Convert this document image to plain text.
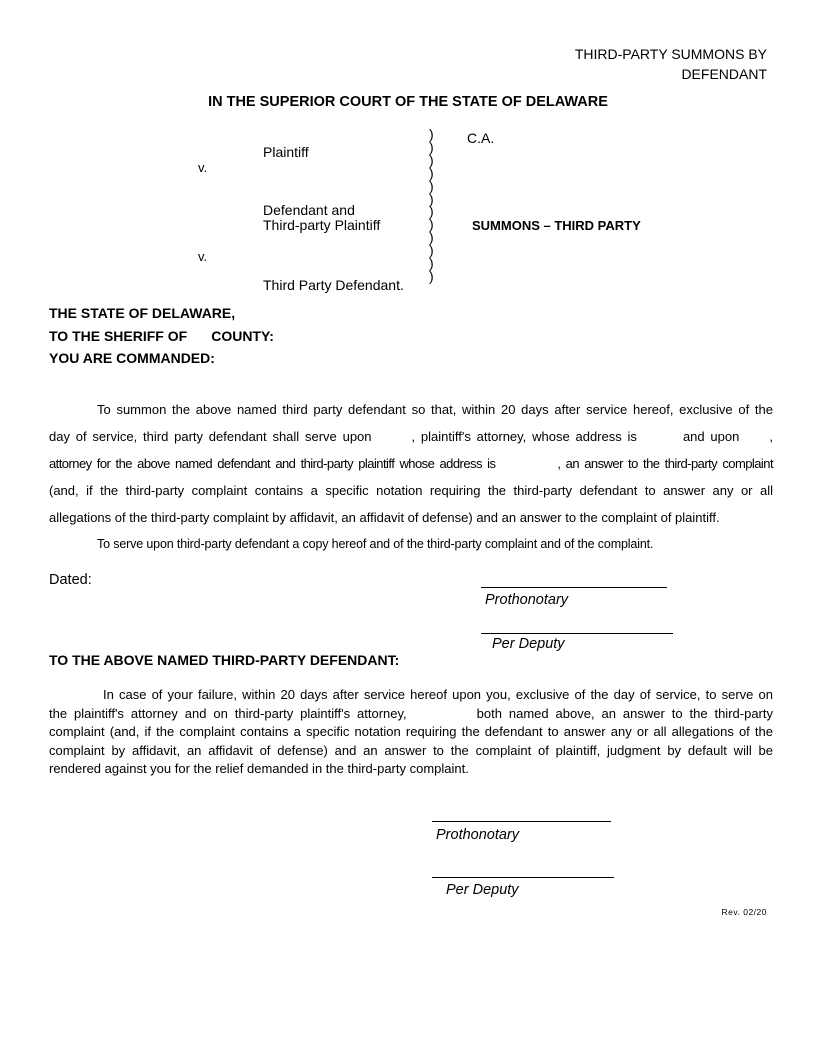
THIRD-PARTY SUMMONS BY
DEFENDANT
IN THE SUPERIOR COURT OF THE STATE OF DELAWARE
Plaintiff
v.
Defendant and
Third-party Plaintiff
v.
Third Party Defendant.
)
)
)
)
)
)
)
)
)
)
)
)
C.A.
SUMMONS – THIRD PARTY
THE STATE OF DELAWARE,
TO THE SHERIFF OF COUNTY:
YOU ARE COMMANDED:
To summon the above named third party defendant so that, within 20 days after service hereof, exclusive of the
day of service, third party defendant shall serve upon	, plaintiff's attorney, whose address is	and upon ,
attorney for the above named defendant and third-party plaintiff whose address is	, an answer to the third-party complaint
(and, if the third-party complaint contains a specific notation requiring the third-party defendant to answer any or all
allegations of the third-party complaint by affidavit, an affidavit of defense) and an answer to the complaint of plaintiff.
To serve upon third-party defendant a copy hereof and of the third-party complaint and of the complaint.
Dated:
Prothonotary
Per Deputy
TO THE ABOVE NAMED THIRD-PARTY DEFENDANT:
In case of your failure, within 20 days after service hereof upon you, exclusive of the day of service, to serve on
the plaintiff's attorney and on third-party plaintiff's attorney,	both named above, an answer to the third-party
complaint (and, if the complaint contains a specific notation requiring the defendant to answer any or all allegations of the
complaint by affidavit, an affidavit of defense) and an answer to the complaint of plaintiff, judgment by default will be
rendered against you for the relief demanded in the third-party complaint.
Prothonotary
Per Deputy
Rev. 02/20
